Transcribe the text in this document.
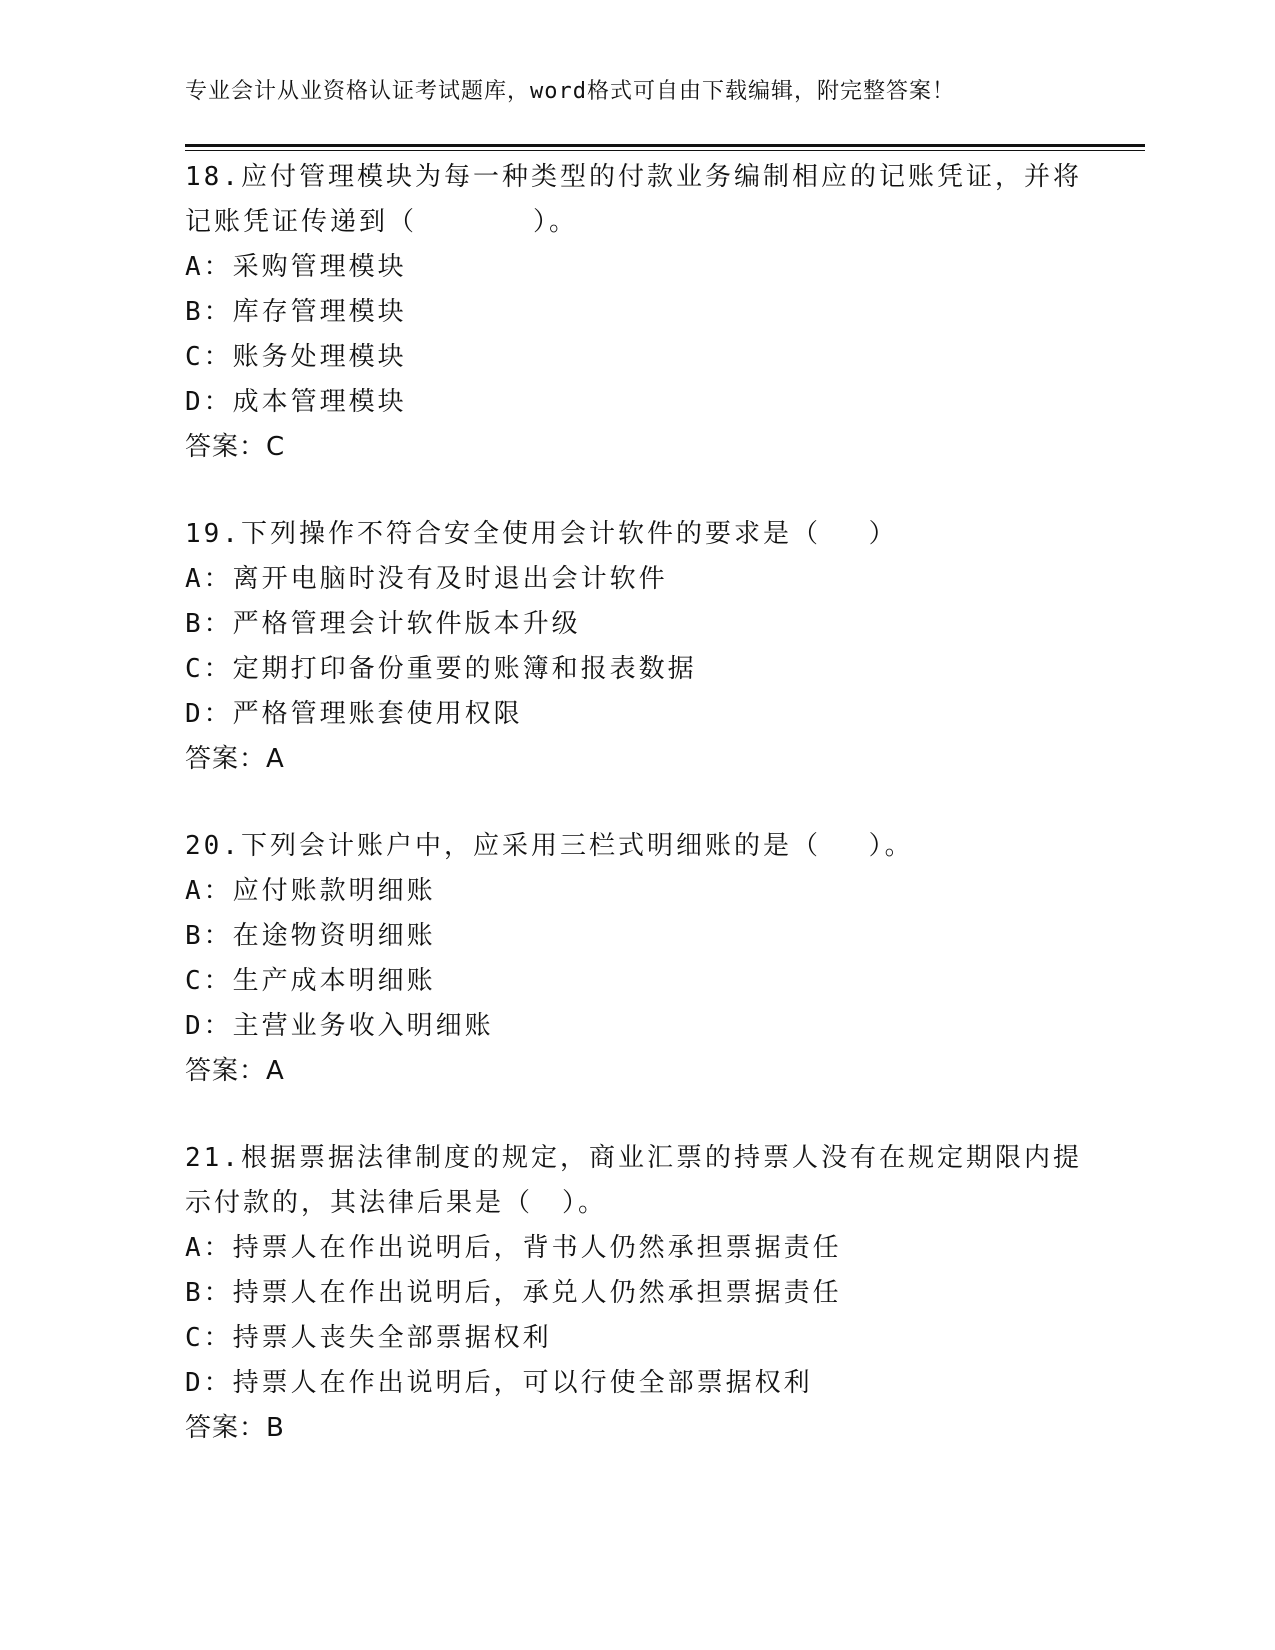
专业会计从业资格认证考试题库，word格式可自由下载编辑，附完整答案！
18.应付管理模块为每一种类型的付款业务编制相应的记账凭证，并将记账凭证传递到（　　　　）。
A：采购管理模块
B：库存管理模块
C：账务处理模块
D：成本管理模块
答案：C
19.下列操作不符合安全使用会计软件的要求是（　 ）
A：离开电脑时没有及时退出会计软件
B：严格管理会计软件版本升级
C：定期打印备份重要的账簿和报表数据
D：严格管理账套使用权限
答案：A
20.下列会计账户中，应采用三栏式明细账的是（　 ）。
A：应付账款明细账
B：在途物资明细账
C：生产成本明细账
D：主营业务收入明细账
答案：A
21.根据票据法律制度的规定，商业汇票的持票人没有在规定期限内提示付款的，其法律后果是（　）。
A：持票人在作出说明后，背书人仍然承担票据责任
B：持票人在作出说明后，承兑人仍然承担票据责任
C：持票人丧失全部票据权利
D：持票人在作出说明后，可以行使全部票据权利
答案：B
